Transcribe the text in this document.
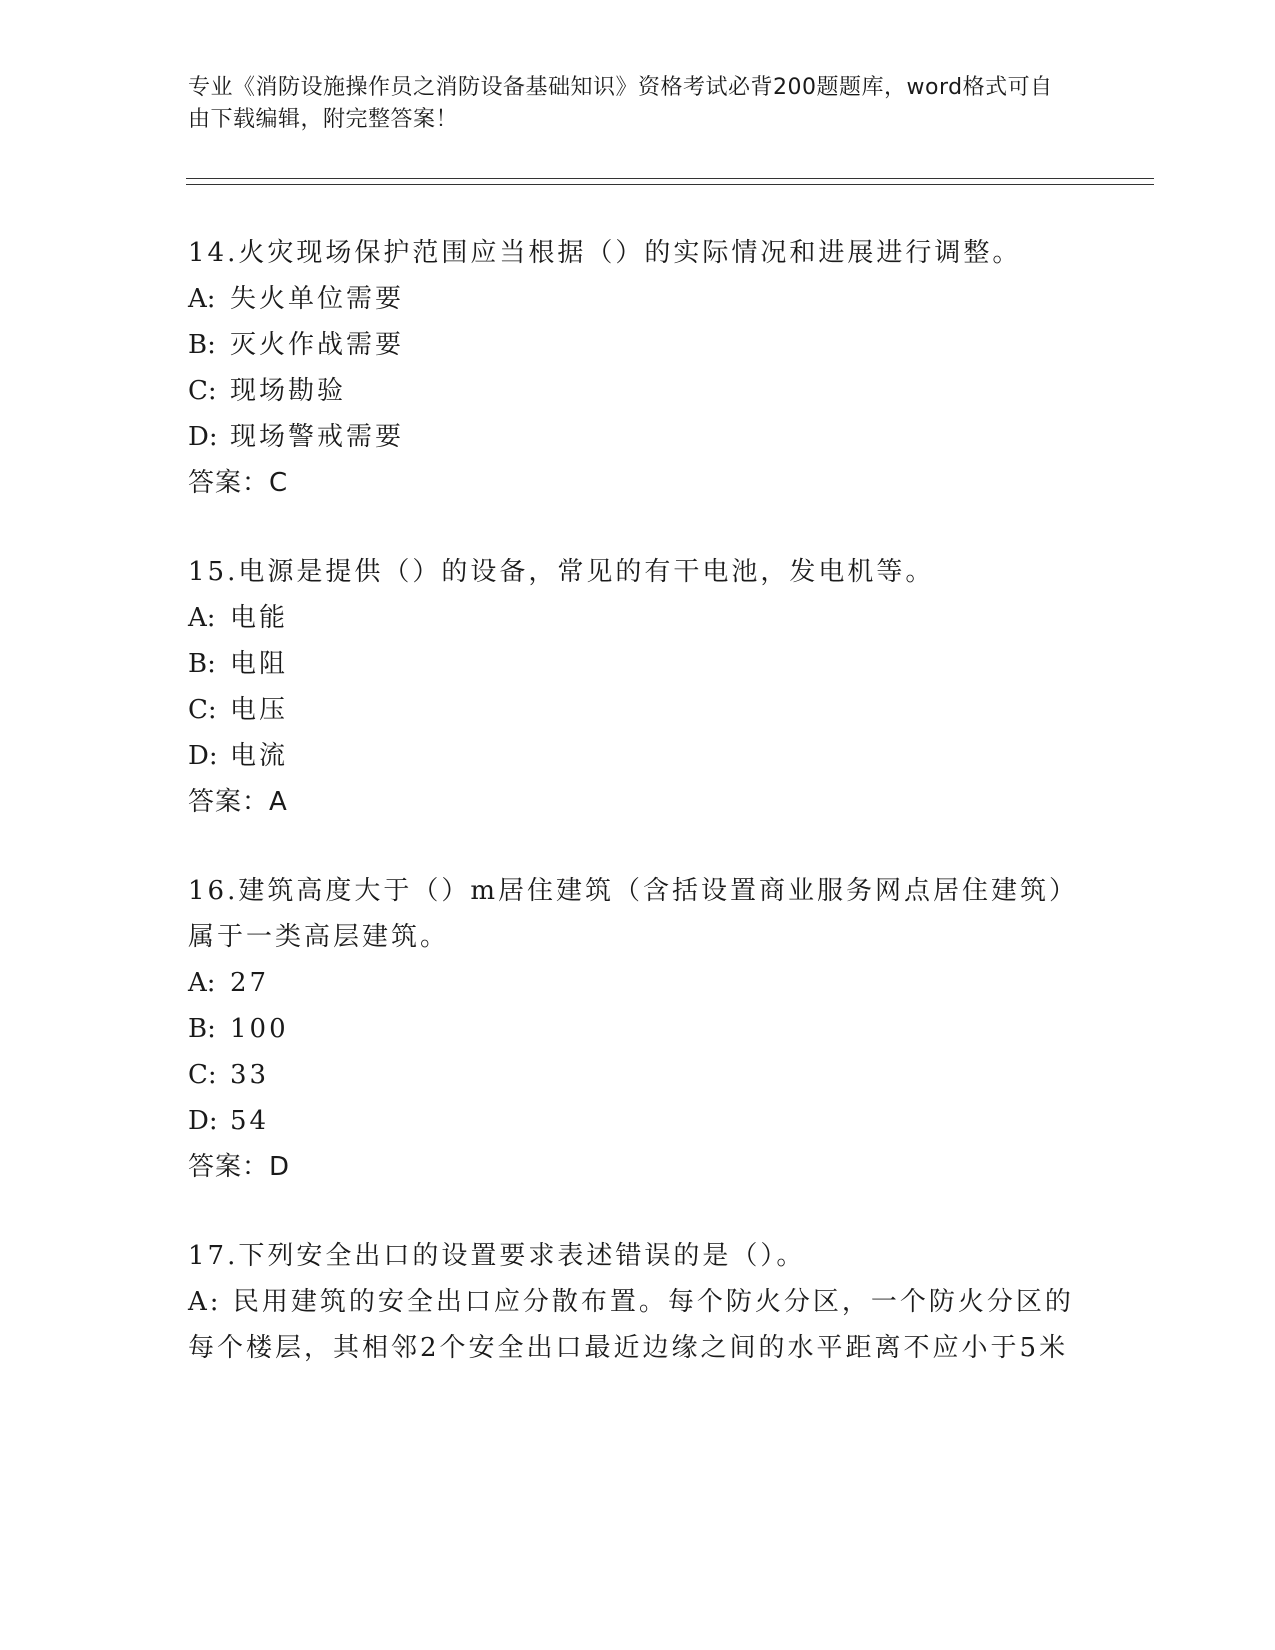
专业《消防设施操作员之消防设备基础知识》资格考试必背200题题库，word格式可自由下载编辑，附完整答案！
14.火灾现场保护范围应当根据（）的实际情况和进展进行调整。
A: 失火单位需要
B: 灭火作战需要
C: 现场勘验
D: 现场警戒需要
答案：C
15.电源是提供（）的设备，常见的有干电池，发电机等。
A: 电能
B: 电阻
C: 电压
D: 电流
答案：A
16.建筑高度大于（）m居住建筑（含括设置商业服务网点居住建筑）属于一类高层建筑。
A: 27
B: 100
C: 33
D: 54
答案：D
17.下列安全出口的设置要求表述错误的是（）。
A: 民用建筑的安全出口应分散布置。每个防火分区，一个防火分区的每个楼层，其相邻2个安全出口最近边缘之间的水平距离不应小于5米
